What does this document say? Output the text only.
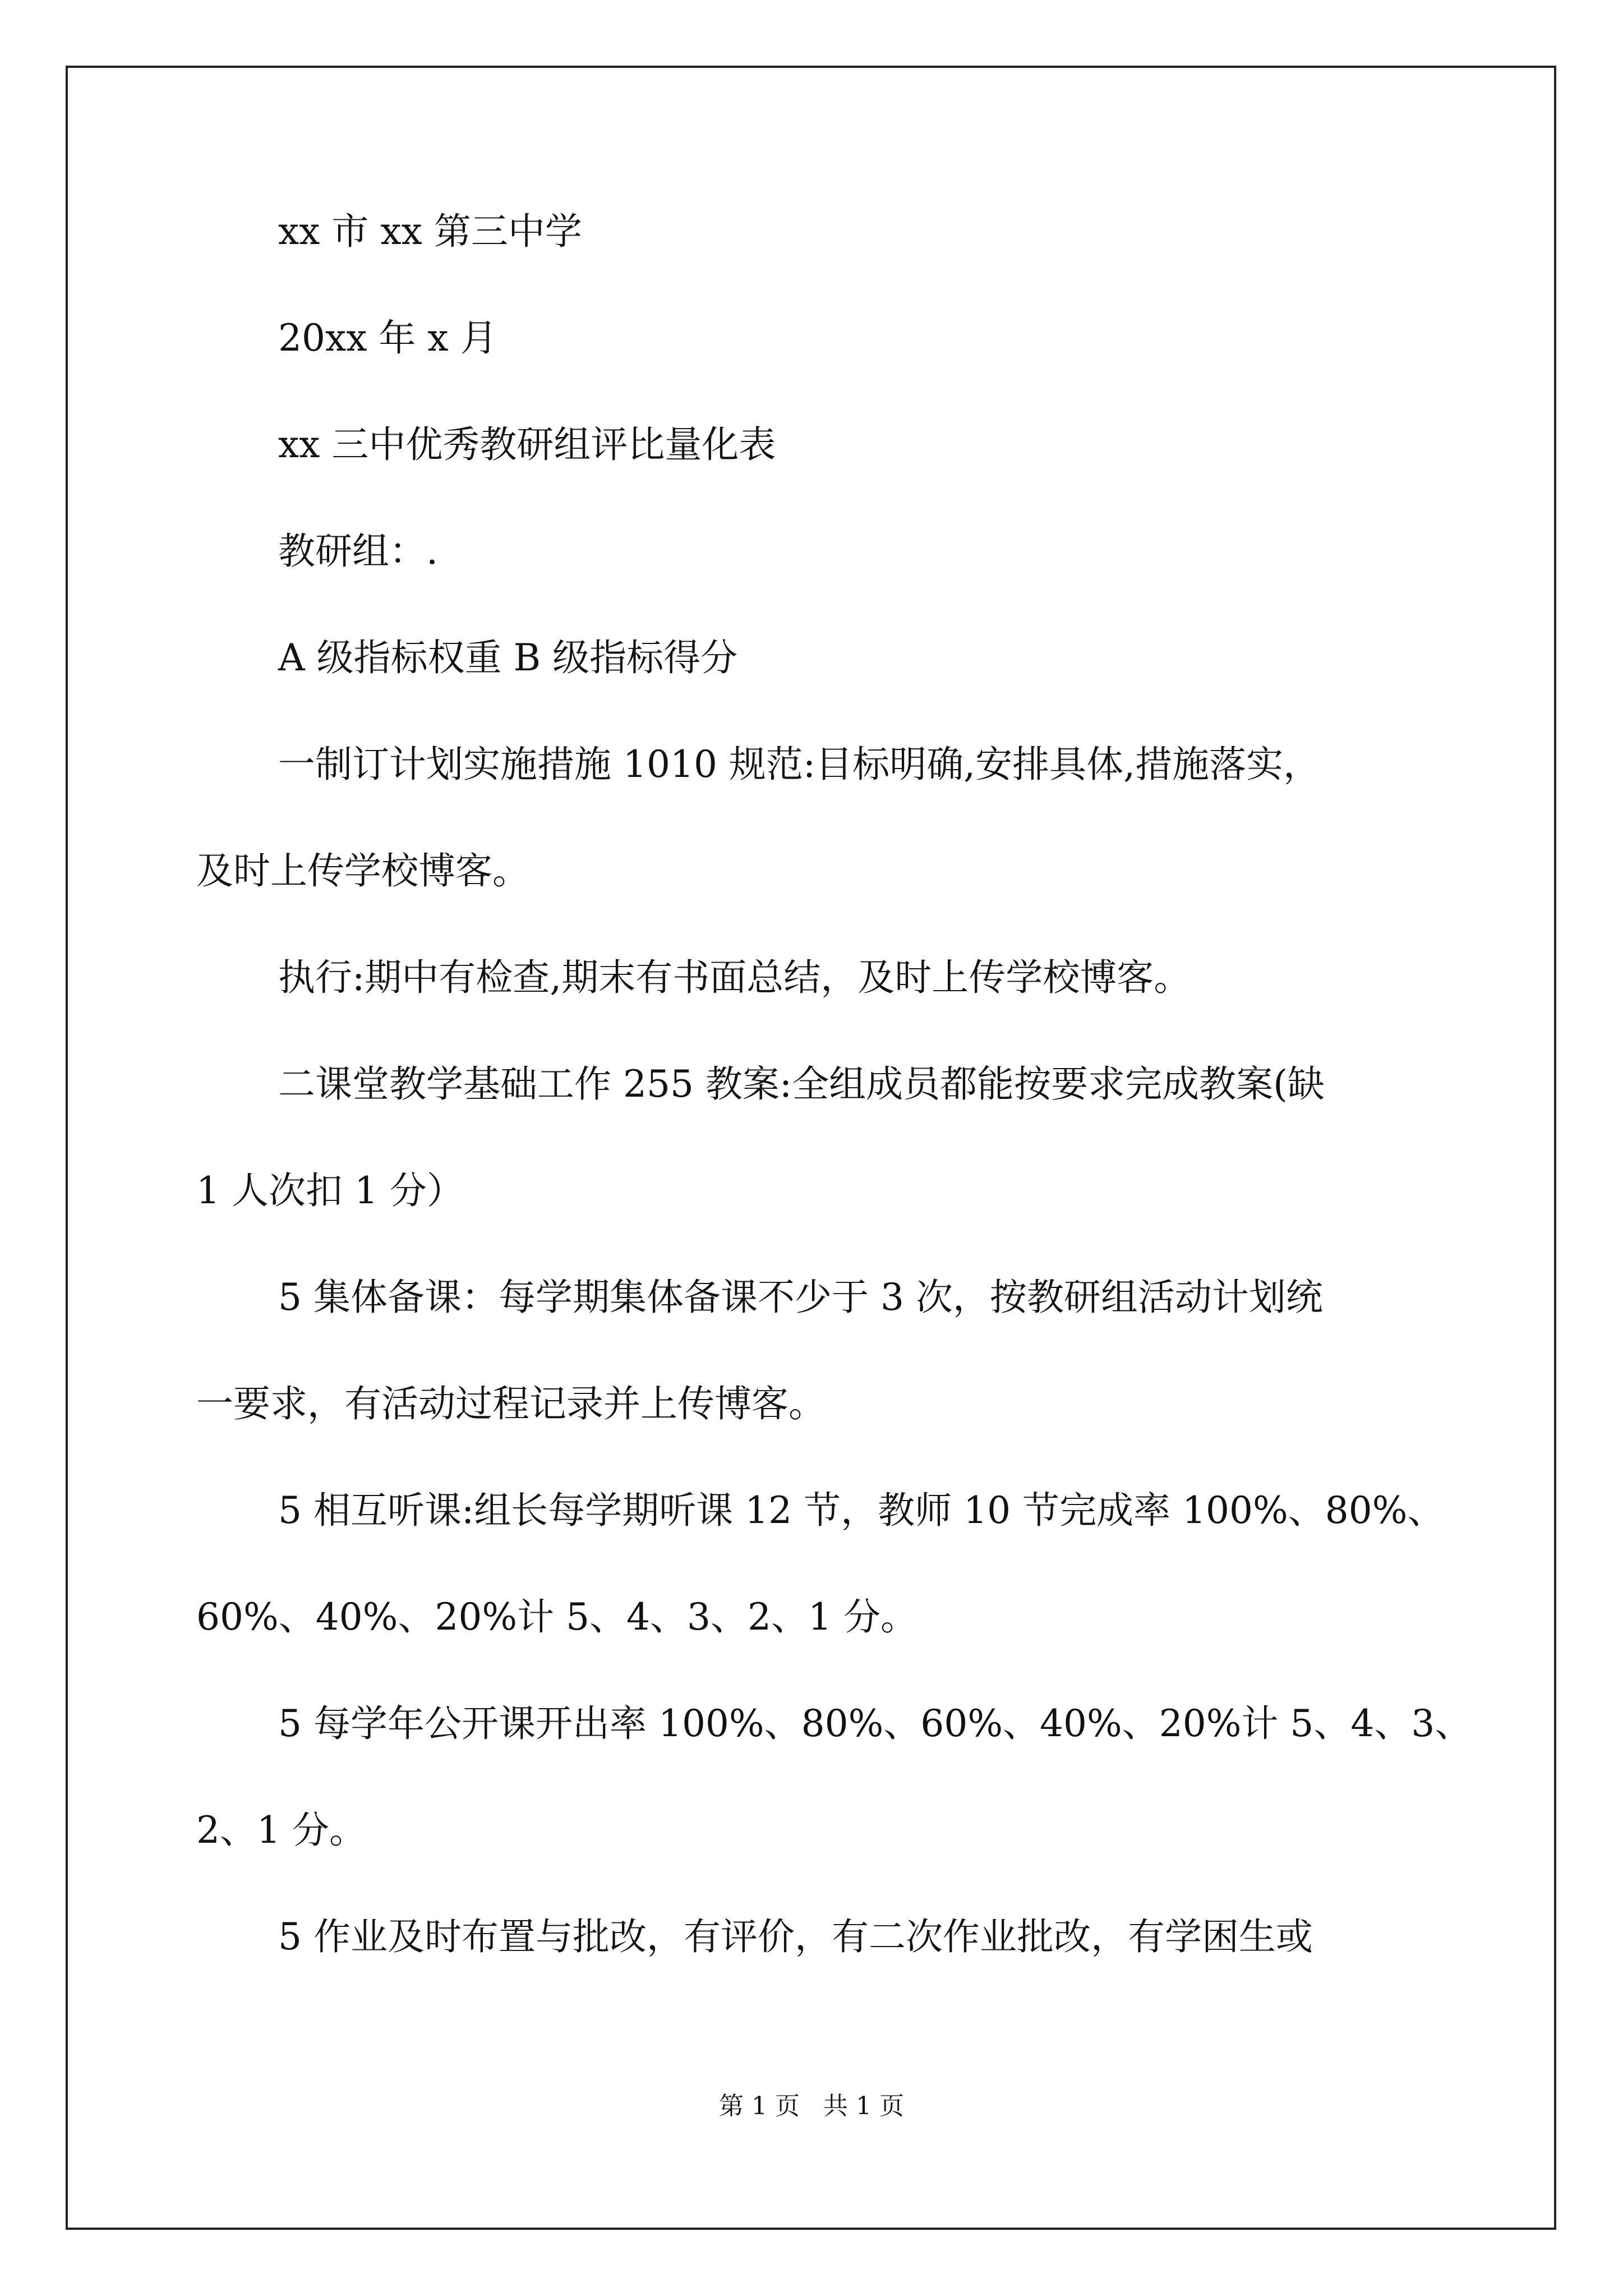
xx 市 xx 第三中学

20xx 年 x 月

xx 三中优秀教研组评比量化表

教研组：.

A 级指标权重 B 级指标得分

一制订计划实施措施 1010 规范:目标明确,安排具体,措施落实，

及时上传学校博客。

执行:期中有检查,期末有书面总结，及时上传学校博客。

二课堂教学基础工作 255 教案:全组成员都能按要求完成教案(缺

1 人次扣 1 分）

5 集体备课：每学期集体备课不少于 3 次，按教研组活动计划统

一要求，有活动过程记录并上传博客。

5 相互听课:组长每学期听课 12 节，教师 10 节完成率 100%、80%、

60%、40%、20%计 5、4、3、2、1 分。

5 每学年公开课开出率 100%、80%、60%、40%、20%计 5、4、3、

2、1 分。

5 作业及时布置与批改，有评价，有二次作业批改，有学困生或

第 1 页   共 1 页
